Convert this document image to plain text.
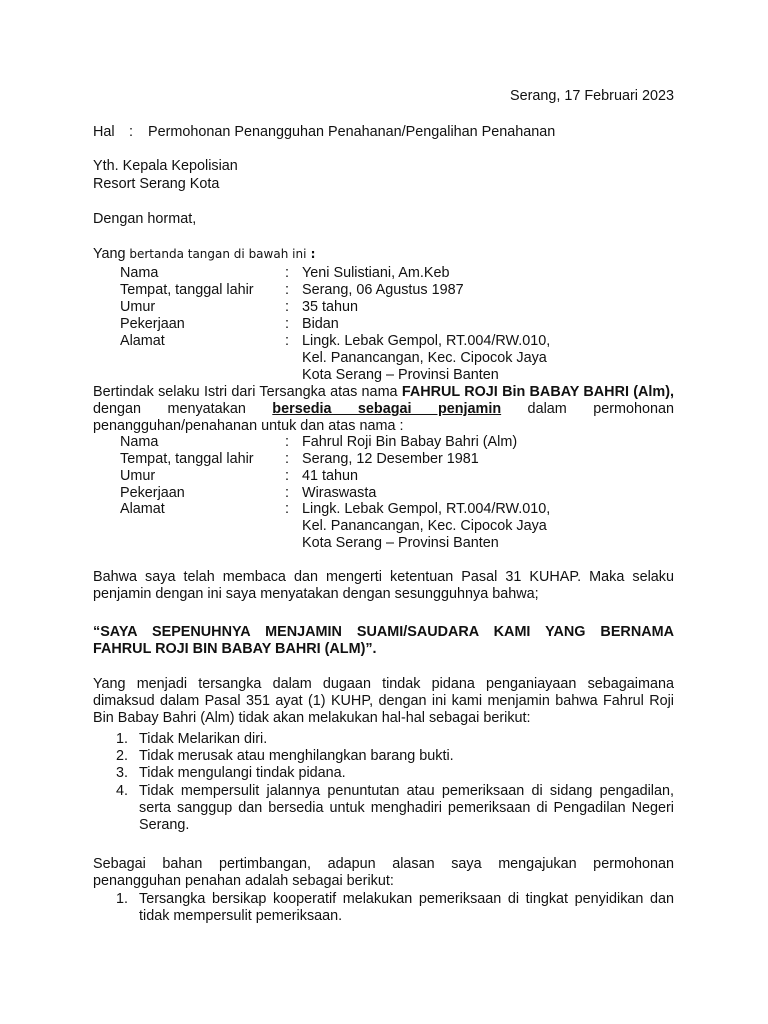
Serang, 17 Februari 2023
Hal : Permohonan Penangguhan Penahanan/Pengalihan Penahanan
Yth. Kepala Kepolisian
Resort Serang Kota
Dengan hormat,
Yang bertanda tangan di bawah ini :
Nama	: Yeni Sulistiani, Am.Keb
Tempat, tanggal lahir : Serang, 06 Agustus 1987
Umur	: 35 tahun
Pekerjaan	: Bidan
Alamat	: Lingk. Lebak Gempol, RT.004/RW.010,
Kel. Panancangan, Kec. Cipocok Jaya
Kota Serang – Provinsi Banten
Bertindak selaku Istri dari Tersangka atas nama FAHRUL ROJI Bin BABAY BAHRI (Alm), dengan menyatakan bersedia sebagai penjamin dalam permohonan penangguhan/penahanan untuk dan atas nama :
Nama	: Fahrul Roji Bin Babay Bahri (Alm)
Tempat, tanggal lahir : Serang, 12 Desember 1981
Umur	: 41 tahun
Pekerjaan	: Wiraswasta
Alamat	: Lingk. Lebak Gempol, RT.004/RW.010,
Kel. Panancangan, Kec. Cipocok Jaya
Kota Serang – Provinsi Banten
Bahwa saya telah membaca dan mengerti ketentuan Pasal 31 KUHAP. Maka selaku penjamin dengan ini saya menyatakan dengan sesungguhnya bahwa;
“SAYA SEPENUHNYA MENJAMIN SUAMI/SAUDARA KAMI YANG BERNAMA
FAHRUL ROJI BIN BABAY BAHRI (ALM)”.
Yang menjadi tersangka dalam dugaan tindak pidana penganiayaan sebagaimana dimaksud dalam Pasal 351 ayat (1) KUHP, dengan ini kami menjamin bahwa Fahrul Roji Bin Babay Bahri (Alm) tidak akan melakukan hal-hal sebagai berikut:
1. Tidak Melarikan diri.
2. Tidak merusak atau menghilangkan barang bukti.
3. Tidak mengulangi tindak pidana.
4. Tidak mempersulit jalannya penuntutan atau pemeriksaan di sidang pengadilan, serta sanggup dan bersedia untuk menghadiri pemeriksaan di Pengadilan Negeri Serang.
Sebagai bahan pertimbangan, adapun alasan saya mengajukan permohonan penangguhan penahan adalah sebagai berikut:
1. Tersangka bersikap kooperatif melakukan pemeriksaan di tingkat penyidikan dan tidak mempersulit pemeriksaan.
